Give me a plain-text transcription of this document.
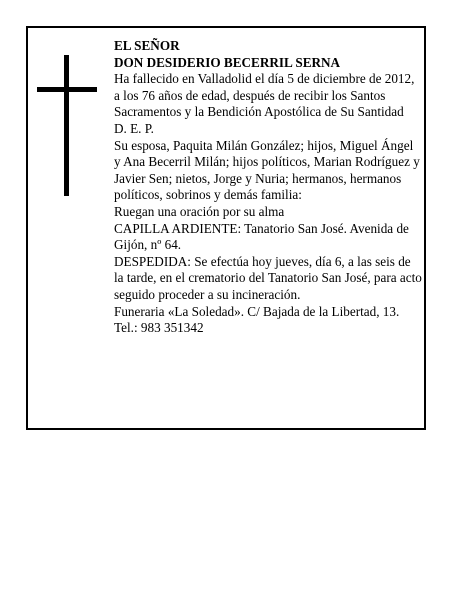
EL SEÑOR
DON DESIDERIO BECERRIL SERNA
Ha fallecido en Valladolid el día 5 de diciembre de 2012, a los 76 años de edad, después de recibir los Santos Sacramentos y la Bendición Apostólica de Su Santidad
D. E. P.
Su esposa, Paquita Milán González; hijos, Miguel Ángel y Ana Becerril Milán; hijos políticos, Marian Rodríguez y Javier Sen; nietos, Jorge y Nuria; hermanos, hermanos políticos, sobrinos y demás familia:
Ruegan una oración por su alma
CAPILLA ARDIENTE: Tanatorio San José. Avenida de Gijón, nº 64.
DESPEDIDA: Se efectúa hoy jueves, día 6, a las seis de la tarde, en el crematorio del Tanatorio San José, para acto seguido proceder a su incineración.
Funeraria «La Soledad». C/ Bajada de la Libertad, 13.
Tel.: 983 351342
